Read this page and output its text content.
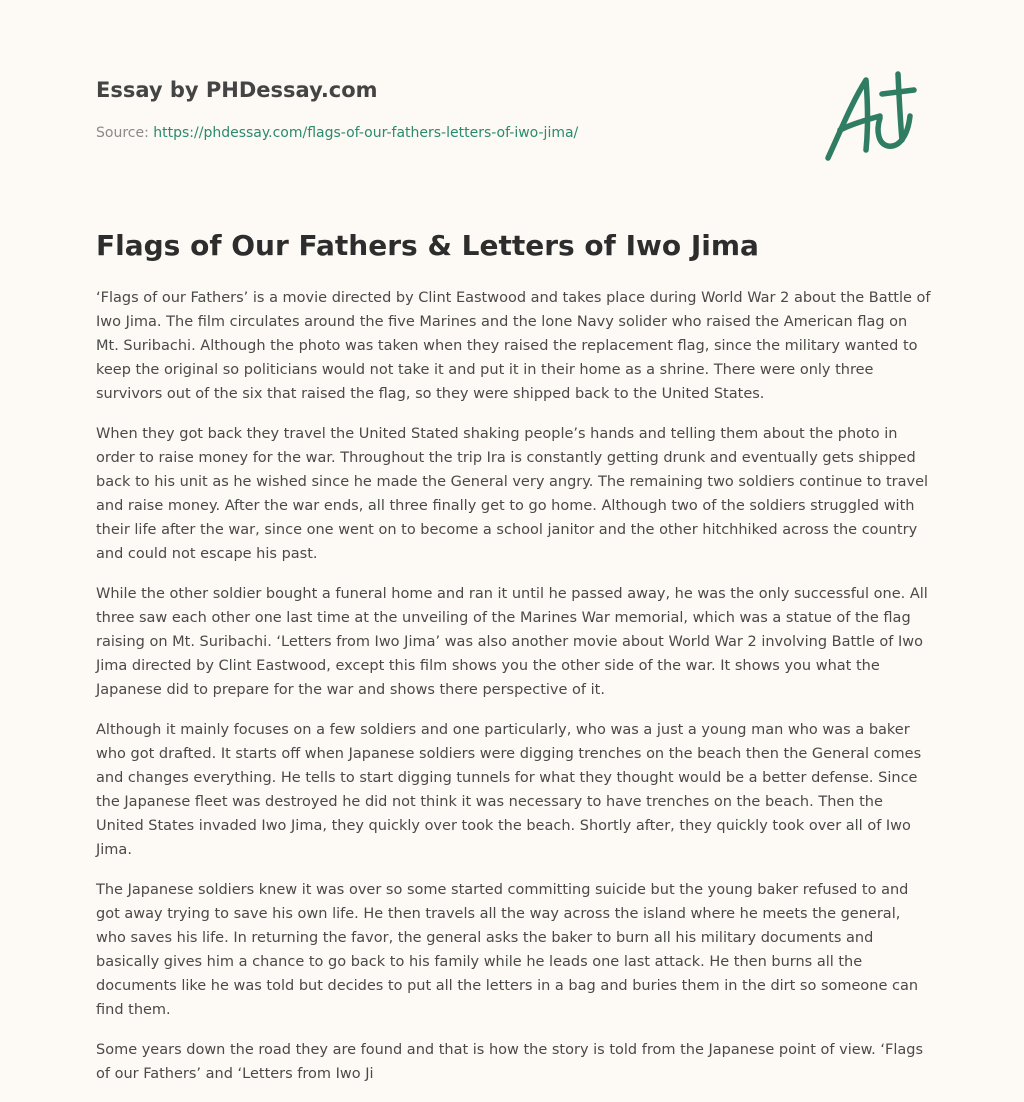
Essay by PHDessay.com

Source: https://phdessay.com/flags-of-our-fathers-letters-of-iwo-jima/

Flags of Our Fathers & Letters of Iwo Jima

‘Flags of our Fathers’ is a movie directed by Clint Eastwood and takes place during World War 2 about the Battle of Iwo Jima. The film circulates around the five Marines and the lone Navy solider who raised the American flag on Mt. Suribachi. Although the photo was taken when they raised the replacement flag, since the military wanted to keep the original so politicians would not take it and put it in their home as a shrine. There were only three survivors out of the six that raised the flag, so they were shipped back to the United States.

When they got back they travel the United Stated shaking people’s hands and telling them about the photo in order to raise money for the war. Throughout the trip Ira is constantly getting drunk and eventually gets shipped back to his unit as he wished since he made the General very angry. The remaining two soldiers continue to travel and raise money. After the war ends, all three finally get to go home. Although two of the soldiers struggled with their life after the war, since one went on to become a school janitor and the other hitchhiked across the country and could not escape his past.

While the other soldier bought a funeral home and ran it until he passed away, he was the only successful one. All three saw each other one last time at the unveiling of the Marines War memorial, which was a statue of the flag raising on Mt. Suribachi. ‘Letters from Iwo Jima’ was also another movie about World War 2 involving Battle of Iwo Jima directed by Clint Eastwood, except this film shows you the other side of the war. It shows you what the Japanese did to prepare for the war and shows there perspective of it.

Although it mainly focuses on a few soldiers and one particularly, who was a just a young man who was a baker who got drafted. It starts off when Japanese soldiers were digging trenches on the beach then the General comes and changes everything. He tells to start digging tunnels for what they thought would be a better defense. Since the Japanese fleet was destroyed he did not think it was necessary to have trenches on the beach. Then the United States invaded Iwo Jima, they quickly over took the beach. Shortly after, they quickly took over all of Iwo Jima.

The Japanese soldiers knew it was over so some started committing suicide but the young baker refused to and got away trying to save his own life. He then travels all the way across the island where he meets the general, who saves his life. In returning the favor, the general asks the baker to burn all his military documents and basically gives him a chance to go back to his family while he leads one last attack. He then burns all the documents like he was told but decides to put all the letters in a bag and buries them in the dirt so someone can find them.

Some years down the road they are found and that is how the story is told from the Japanese point of view. ‘Flags of our Fathers’ and ‘Letters from Iwo Ji
